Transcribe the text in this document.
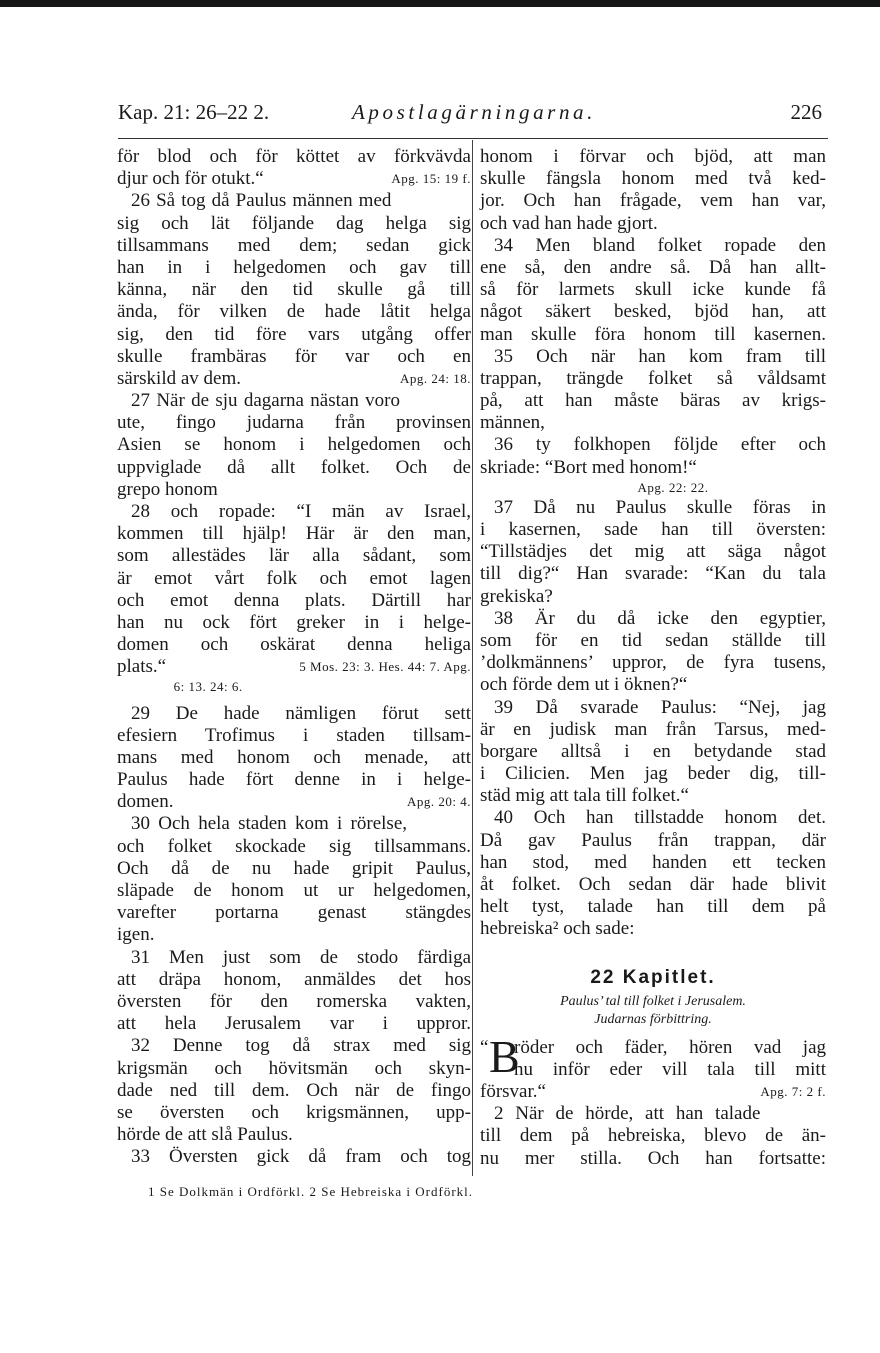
Kap. 21: 26–22 2.	Apostlagärningarna.	226
för blod och för köttet av förkvävda
djur och för otukt.“	Apg. 15: 19 f.
26 Så tog då Paulus männen med
sig och lät följande dag helga sig
tillsammans med dem; sedan gick
han in i helgedomen och gav till
känna, när den tid skulle gå till
ända, för vilken de hade låtit helga
sig, den tid före vars utgång offer
skulle frambäras för var och en
särskild av dem.	Apg. 24: 18.
27 När de sju dagarna nästan voro
ute, fingo judarna från provinsen
Asien se honom i helgedomen och
uppviglade då allt folket. Och de
grepo honom
28 och ropade: “I män av Israel,
kommen till hjälp! Här är den man,
som allestädes lär alla sådant, som
är emot vårt folk och emot lagen
och emot denna plats. Därtill har
han nu ock fört greker in i helge-
domen och oskärat denna heliga
plats.“	5 Mos. 23: 3. Hes. 44: 7. Apg.
6: 13. 24: 6.
29 De hade nämligen förut sett
efesiern Trofimus i staden tillsam-
mans med honom och menade, att
Paulus hade fört denne in i helge-
domen.	Apg. 20: 4.
30 Och hela staden kom i rörelse,
och folket skockade sig tillsammans.
Och då de nu hade gripit Paulus,
släpade de honom ut ur helgedomen,
varefter portarna genast stängdes
igen.
31 Men just som de stodo färdiga
att dräpa honom, anmäldes det hos
översten för den romerska vakten,
att hela Jerusalem var i uppror.
32 Denne tog då strax med sig
krigsmän och hövitsmän och skyn-
dade ned till dem. Och när de fingo
se översten och krigsmännen, upp-
hörde de att slå Paulus.
33 Översten gick då fram och tog
honom i förvar och bjöd, att man
skulle fängsla honom med två ked-
jor. Och han frågade, vem han var,
och vad han hade gjort.
34 Men bland folket ropade den
ene så, den andre så. Då han allt-
så för larmets skull icke kunde få
något säkert besked, bjöd han, att
man skulle föra honom till kasernen.
35 Och när han kom fram till
trappan, trängde folket så våldsamt
på, att han måste bäras av krigs-
männen,
36 ty folkhopen följde efter och
skriade: “Bort med honom!“
Apg. 22: 22.
37 Då nu Paulus skulle föras in
i kasernen, sade han till översten:
“Tillstädjes det mig att säga något
till dig?“ Han svarade: “Kan du tala
grekiska?
38 Är du då icke den egyptier,
som för en tid sedan ställde till
’dolkmännens’ uppror, de fyra tusens,
och förde dem ut i öknen?“
39 Då svarade Paulus: “Nej, jag
är en judisk man från Tarsus, med-
borgare alltså i en betydande stad
i Cilicien. Men jag beder dig, till-
städ mig att tala till folket.“
40 Och han tillstadde honom det.
Då gav Paulus från trappan, där
han stod, med handen ett tecken
åt folket. Och sedan där hade blivit
helt tyst, talade han till dem på
hebreiska² och sade:
22 Kapitlet.
Paulus’ tal till folket i Jerusalem.
Judarnas förbittring.
“ B
röder och fäder, hören vad jag
nu inför eder vill tala till mitt
försvar.“	Apg. 7: 2 f.
2 När de hörde, att han talade
till dem på hebreiska, blevo de än-
nu mer stilla. Och han fortsatte:
1 Se Dolkmän i Ordförkl. 2 Se Hebreiska i Ordförkl.
